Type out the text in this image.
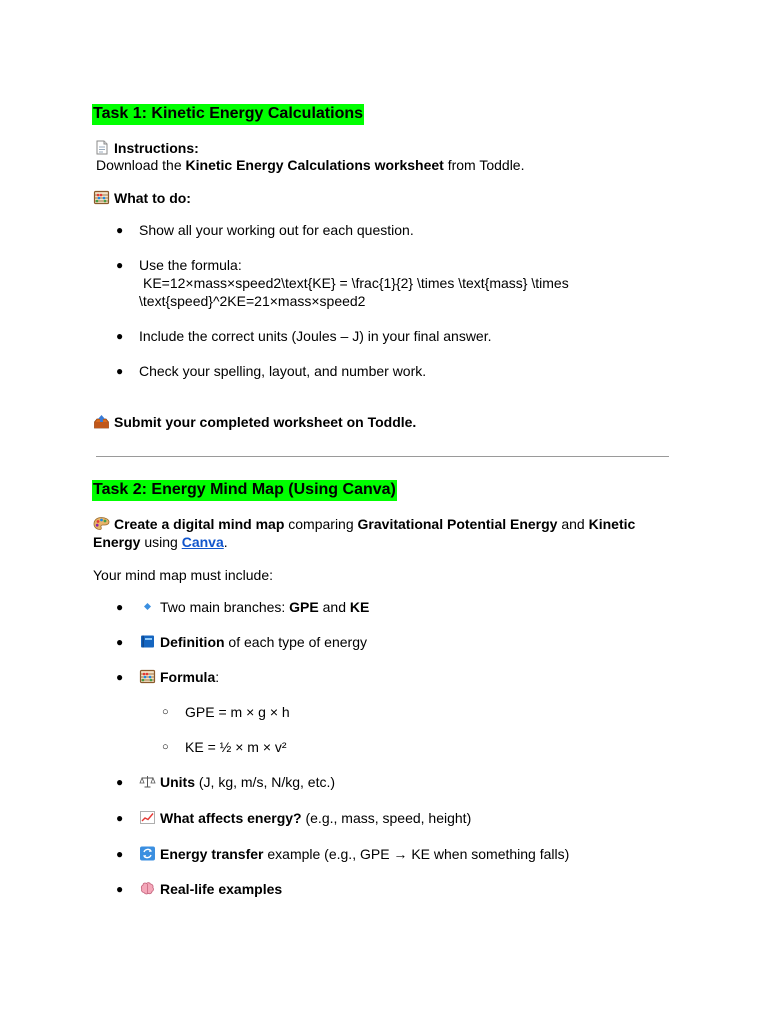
Task 1: Kinetic Energy Calculations
Instructions:
Download the Kinetic Energy Calculations worksheet from Toddle.
What to do:
● Show all your working out for each question.
● Use the formula:
KE=12×mass×speed2\text{KE} = \frac{1}{2} \times \text{mass} \times
\text{speed}^2KE=21×mass×speed2
● Include the correct units (Joules – J) in your final answer.
● Check your spelling, layout, and number work.
Submit your completed worksheet on Toddle.
Task 2: Energy Mind Map (Using Canva)
Create a digital mind map comparing Gravitational Potential Energy and Kinetic
Energy using Canva.
Your mind map must include:
●	Two main branches: GPE and KE
●	Definition of each type of energy
●	Formula:
○ GPE = m × g × h
○ KE = ½ × m × v²
●	Units (J, kg, m/s, N/kg, etc.)
●	What affects energy? (e.g., mass, speed, height)
●	Energy transfer example (e.g., GPE → KE when something falls)
●	Real-life examples
